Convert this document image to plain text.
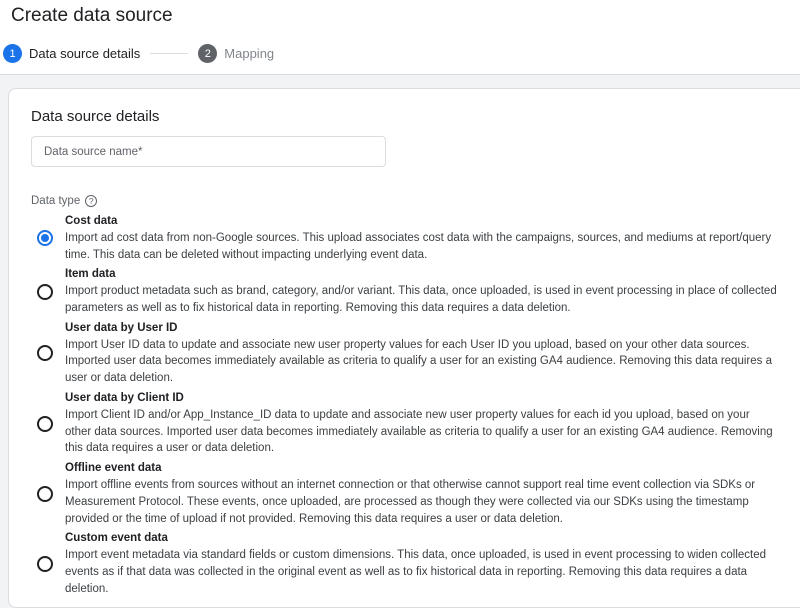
Create data source
1	Data source details	2	Mapping
Data source details
Data source name*
Data type	?
Cost data
Import ad cost data from non-Google sources. This upload associates cost data with the campaigns, sources, and mediums at report/query time. This data can be deleted without impacting underlying event data.
Item data
Import product metadata such as brand, category, and/or variant. This data, once uploaded, is used in event processing in place of collected parameters as well as to fix historical data in reporting. Removing this data requires a data deletion.
User data by User ID
Import User ID data to update and associate new user property values for each User ID you upload, based on your other data sources. Imported user data becomes immediately available as criteria to qualify a user for an existing GA4 audience. Removing this data requires a user or data deletion.
User data by Client ID
Import Client ID and/or App_Instance_ID data to update and associate new user property values for each id you upload, based on your other data sources. Imported user data becomes immediately available as criteria to qualify a user for an existing GA4 audience. Removing this data requires a user or data deletion.
Offline event data
Import offline events from sources without an internet connection or that otherwise cannot support real time event collection via SDKs or Measurement Protocol. These events, once uploaded, are processed as though they were collected via our SDKs using the timestamp provided or the time of upload if not provided. Removing this data requires a user or data deletion.
Custom event data
Import event metadata via standard fields or custom dimensions. This data, once uploaded, is used in event processing to widen collected events as if that data was collected in the original event as well as to fix historical data in reporting. Removing this data requires a data deletion.
